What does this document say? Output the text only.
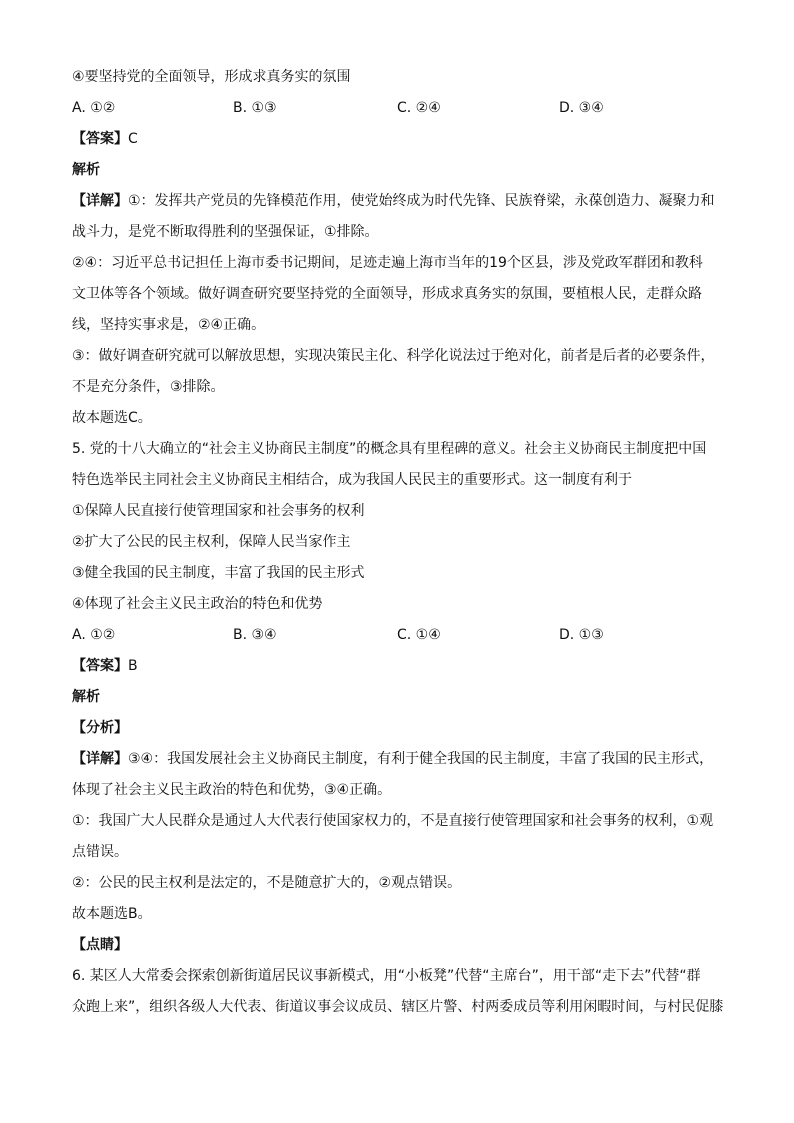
④要坚持党的全面领导，形成求真务实的氛围
A. ①②	B. ①③	C. ②④	D. ③④
【答案】C
解析
【详解】①：发挥共产党员的先锋模范作用，使党始终成为时代先锋、民族脊梁，永葆创造力、凝聚力和
战斗力，是党不断取得胜利的坚强保证，①排除。
②④：习近平总书记担任上海市委书记期间，足迹走遍上海市当年的19个区县，涉及党政军群团和教科
文卫体等各个领域。做好调查研究要坚持党的全面领导，形成求真务实的氛围，要植根人民，走群众路
线，坚持实事求是，②④正确。
③：做好调查研究就可以解放思想，实现决策民主化、科学化说法过于绝对化，前者是后者的必要条件，
不是充分条件，③排除。
故本题选C。
5. 党的十八大确立的“社会主义协商民主制度”的概念具有里程碑的意义。社会主义协商民主制度把中国
特色选举民主同社会主义协商民主相结合，成为我国人民民主的重要形式。这一制度有利于
①保障人民直接行使管理国家和社会事务的权利
②扩大了公民的民主权利，保障人民当家作主
③健全我国的民主制度，丰富了我国的民主形式
④体现了社会主义民主政治的特色和优势
A. ①②	B. ③④	C. ①④	D. ①③
【答案】B
解析
【分析】
【详解】③④：我国发展社会主义协商民主制度，有利于健全我国的民主制度，丰富了我国的民主形式，
体现了社会主义民主政治的特色和优势，③④正确。
①：我国广大人民群众是通过人大代表行使国家权力的，不是直接行使管理国家和社会事务的权利，①观
点错误。
②：公民的民主权利是法定的，不是随意扩大的，②观点错误。
故本题选B。
【点睛】
6. 某区人大常委会探索创新街道居民议事新模式，用“小板凳”代替“主席台”，用干部“走下去”代替“群
众跑上来”，组织各级人大代表、街道议事会议成员、辖区片警、村两委成员等利用闲暇时间，与村民促膝
